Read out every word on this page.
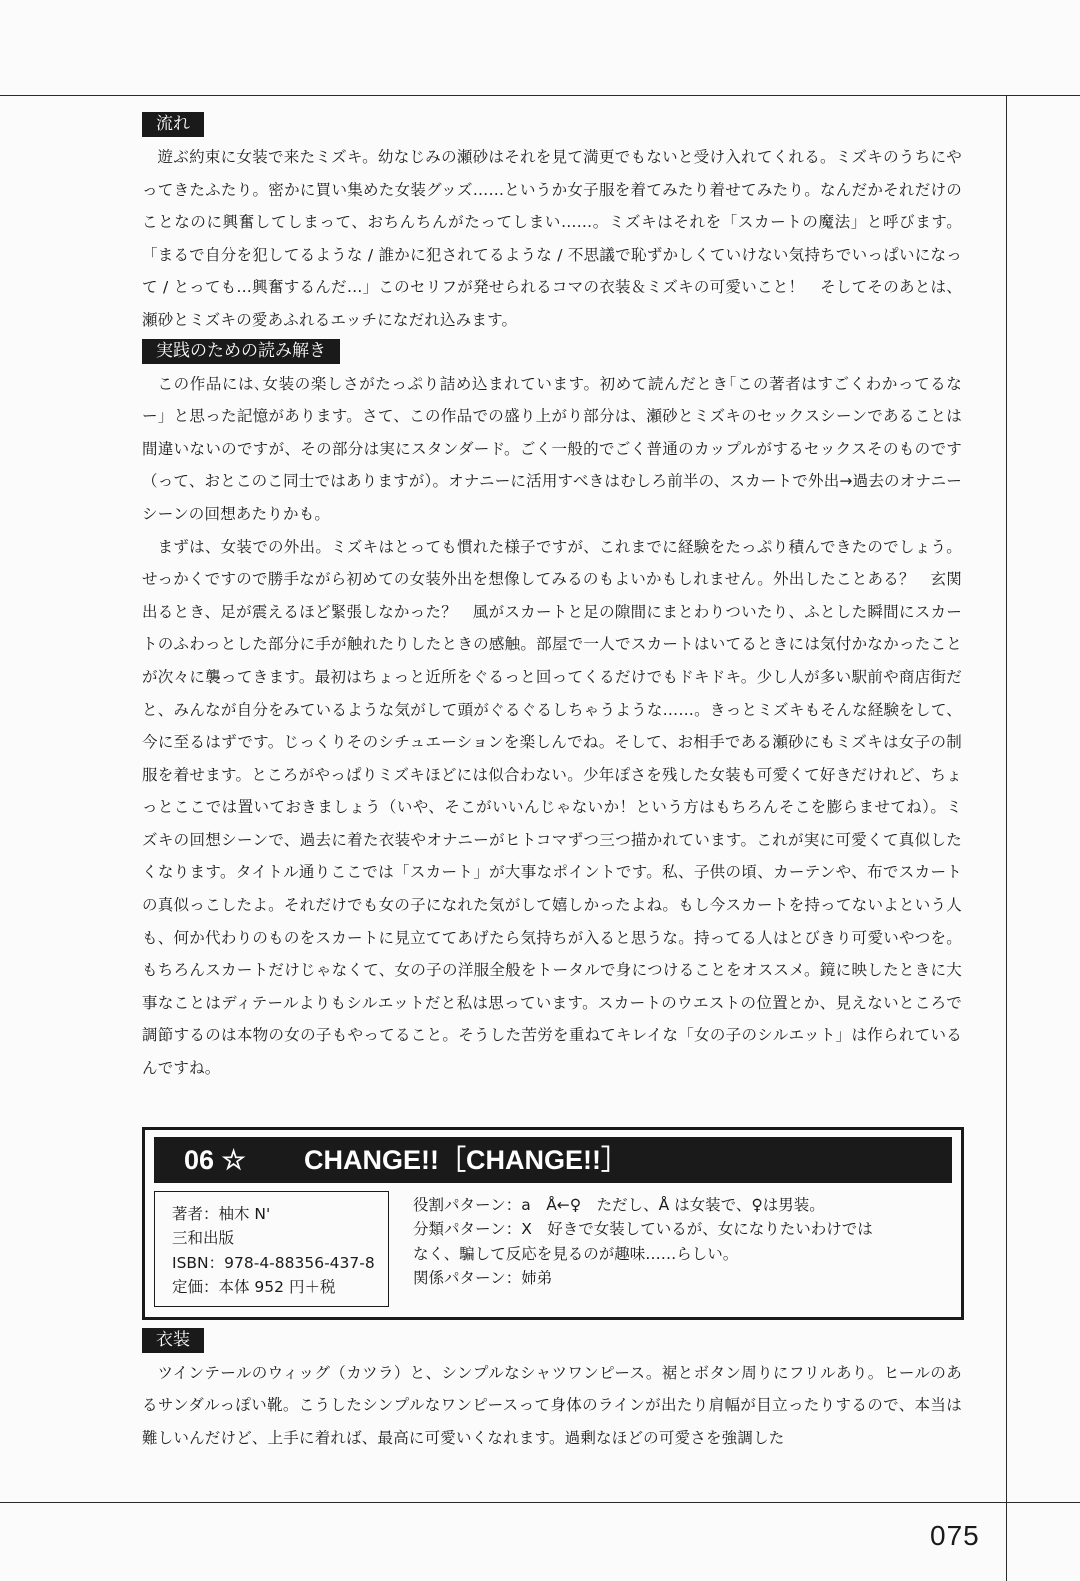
流れ

遊ぶ約束に女装で来たミズキ。幼なじみの瀬砂はそれを見て満更でもないと受け入れてくれる。ミズキのうちにやってきたふたり。密かに買い集めた女装グッズ……というか女子服を着てみたり着せてみたり。なんだかそれだけのことなのに興奮してしまって、おちんちんがたってしまい……。ミズキはそれを「スカートの魔法」と呼びます。「まるで自分を犯してるような / 誰かに犯されてるような / 不思議で恥ずかしくていけない気持ちでいっぱいになって / とっても…興奮するんだ…」このセリフが発せられるコマの衣装＆ミズキの可愛いこと！　そしてそのあとは、瀬砂とミズキの愛あふれるエッチになだれ込みます。

実践のための読み解き

この作品には､女装の楽しさがたっぷり詰め込まれています。初めて読んだとき｢この著者はすごくわかってるなー」と思った記憶があります。さて、この作品での盛り上がり部分は、瀬砂とミズキのセックスシーンであることは間違いないのですが、その部分は実にスタンダード。ごく一般的でごく普通のカップルがするセックスそのものです（って、おとこのこ同士ではありますが）。オナニーに活用すべきはむしろ前半の、スカートで外出→過去のオナニーシーンの回想あたりかも。

まずは、女装での外出。ミズキはとっても慣れた様子ですが、これまでに経験をたっぷり積んできたのでしょう。せっかくですので勝手ながら初めての女装外出を想像してみるのもよいかもしれません。外出したことある？　玄関出るとき、足が震えるほど緊張しなかった？　風がスカートと足の隙間にまとわりついたり、ふとした瞬間にスカートのふわっとした部分に手が触れたりしたときの感触。部屋で一人でスカートはいてるときには気付かなかったことが次々に襲ってきます。最初はちょっと近所をぐるっと回ってくるだけでもドキドキ。少し人が多い駅前や商店街だと、みんなが自分をみているような気がして頭がぐるぐるしちゃうような……。きっとミズキもそんな経験をして、今に至るはずです。じっくりそのシチュエーションを楽しんでね。そして、お相手である瀬砂にもミズキは女子の制服を着せます。ところがやっぱりミズキほどには似合わない。少年ぽさを残した女装も可愛くて好きだけれど、ちょっとここでは置いておきましょう（いや、そこがいいんじゃないか！という方はもちろんそこを膨らませてね）。ミズキの回想シーンで、過去に着た衣装やオナニーがヒトコマずつ三つ描かれています。これが実に可愛くて真似したくなります。タイトル通りここでは「スカート」が大事なポイントです。私、子供の頃、カーテンや、布でスカートの真似っこしたよ。それだけでも女の子になれた気がして嬉しかったよね。もし今スカートを持ってないよという人も、何か代わりのものをスカートに見立ててあげたら気持ちが入ると思うな。持ってる人はとびきり可愛いやつを。もちろんスカートだけじゃなくて、女の子の洋服全般をトータルで身につけることをオススメ。鏡に映したときに大事なことはディテールよりもシルエットだと私は思っています。スカートのウエストの位置とか、見えないところで調節するのは本物の女の子もやってること。そうした苦労を重ねてキレイな「女の子のシルエット」は作られているんですね。

06 ☆ CHANGE!!［CHANGE!!］
著者：柚木 N'
三和出版
ISBN：978-4-88356-437-8
定価：本体 952 円＋税
役割パターン：a　Å←♀　ただし、Å は女装で、♀は男装。
分類パターン：X　好きで女装しているが、女になりたいわけでは
なく、騙して反応を見るのが趣味……らしい。
関係パターン：姉弟
衣装

ツインテールのウィッグ（カツラ）と、シンプルなシャツワンピース。裾とボタン周りにフリルあり。ヒールのあるサンダルっぽい靴。こうしたシンプルなワンピースって身体のラインが出たり肩幅が目立ったりするので、本当は難しいんだけど、上手に着れば、最高に可愛いくなれます。過剰なほどの可愛さを強調した

075
